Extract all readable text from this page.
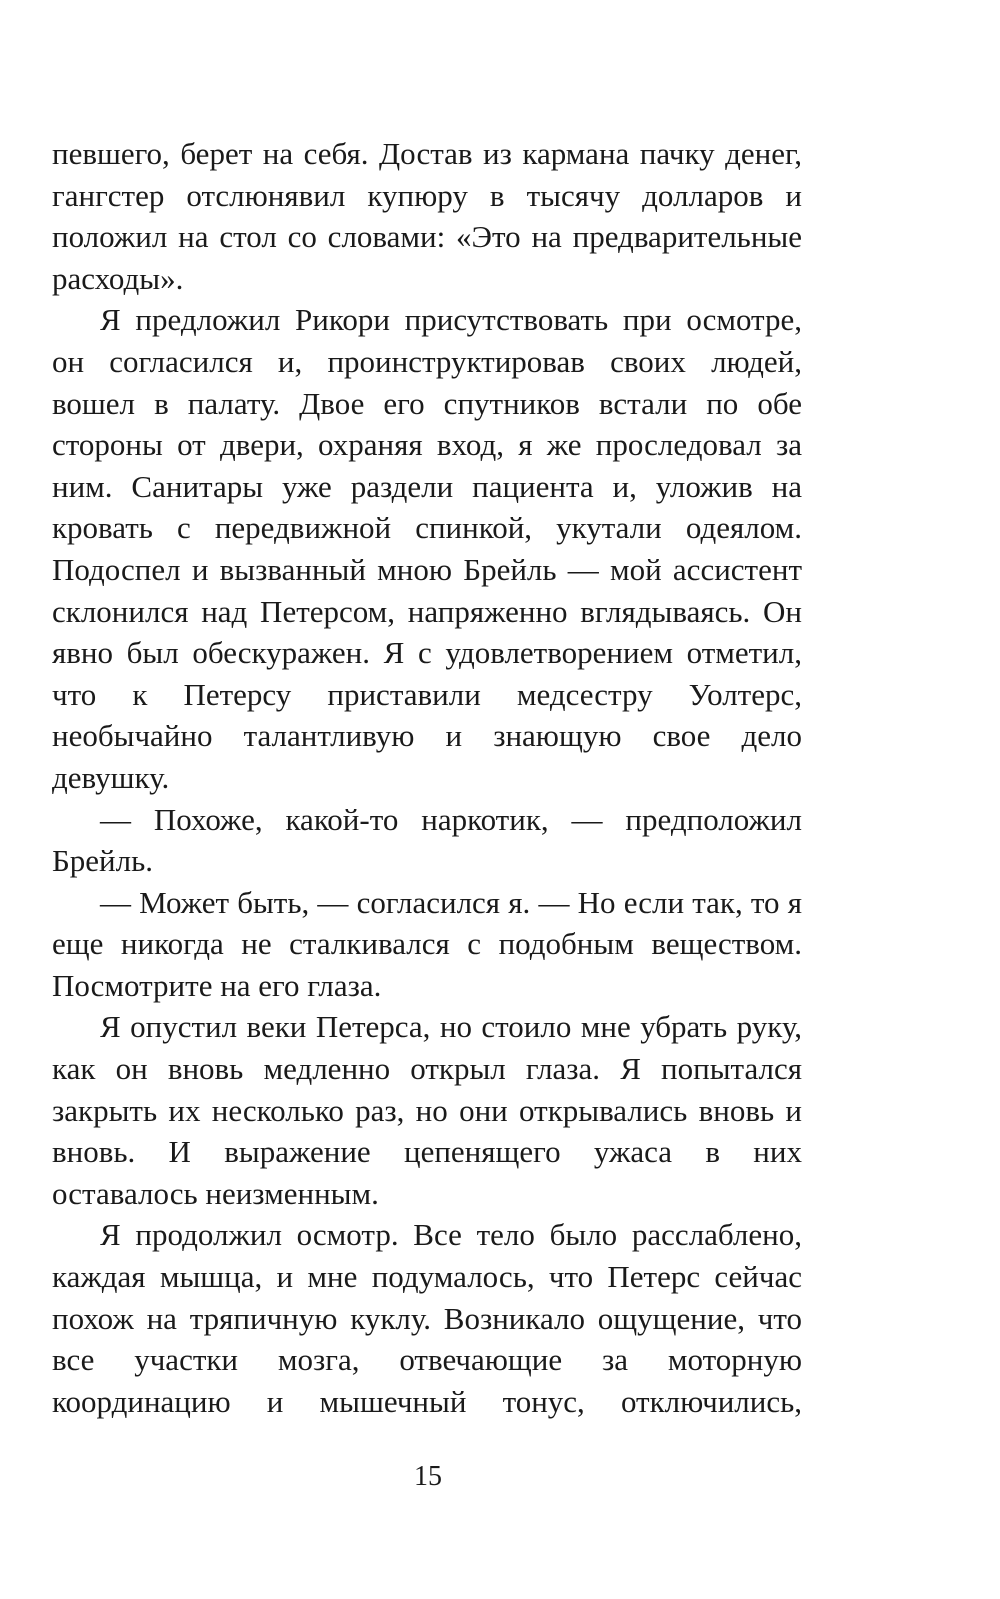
певшего, берет на себя. Достав из кармана пачку денег, гангстер отслюнявил купюру в тысячу долларов и положил на стол со словами: «Это на предварительные расходы».

Я предложил Рикори присутствовать при осмотре, он согласился и, проинструктировав своих людей, вошел в палату. Двое его спутников встали по обе стороны от двери, охраняя вход, я же проследовал за ним. Санитары уже раздели пациента и, уложив на кровать с передвижной спинкой, укутали одеялом. Подоспел и вызванный мною Брейль — мой ассистент склонился над Петерсом, напряженно вглядываясь. Он явно был обескуражен. Я с удовлетворением отметил, что к Петерсу приставили медсестру Уолтерс, необычайно талантливую и знающую свое дело девушку.

— Похоже, какой-то наркотик, — предположил Брейль.

— Может быть, — согласился я. — Но если так, то я еще никогда не сталкивался с подобным веществом. Посмотрите на его глаза.

Я опустил веки Петерса, но стоило мне убрать руку, как он вновь медленно открыл глаза. Я попытался закрыть их несколько раз, но они открывались вновь и вновь. И выражение цепенящего ужаса в них оставалось неизменным.

Я продолжил осмотр. Все тело было расслаблено, каждая мышца, и мне подумалось, что Петерс сейчас похож на тряпичную куклу. Возникало ощущение, что все участки мозга, отвечающие за моторную координацию и мышечный тонус, отключились,

15
